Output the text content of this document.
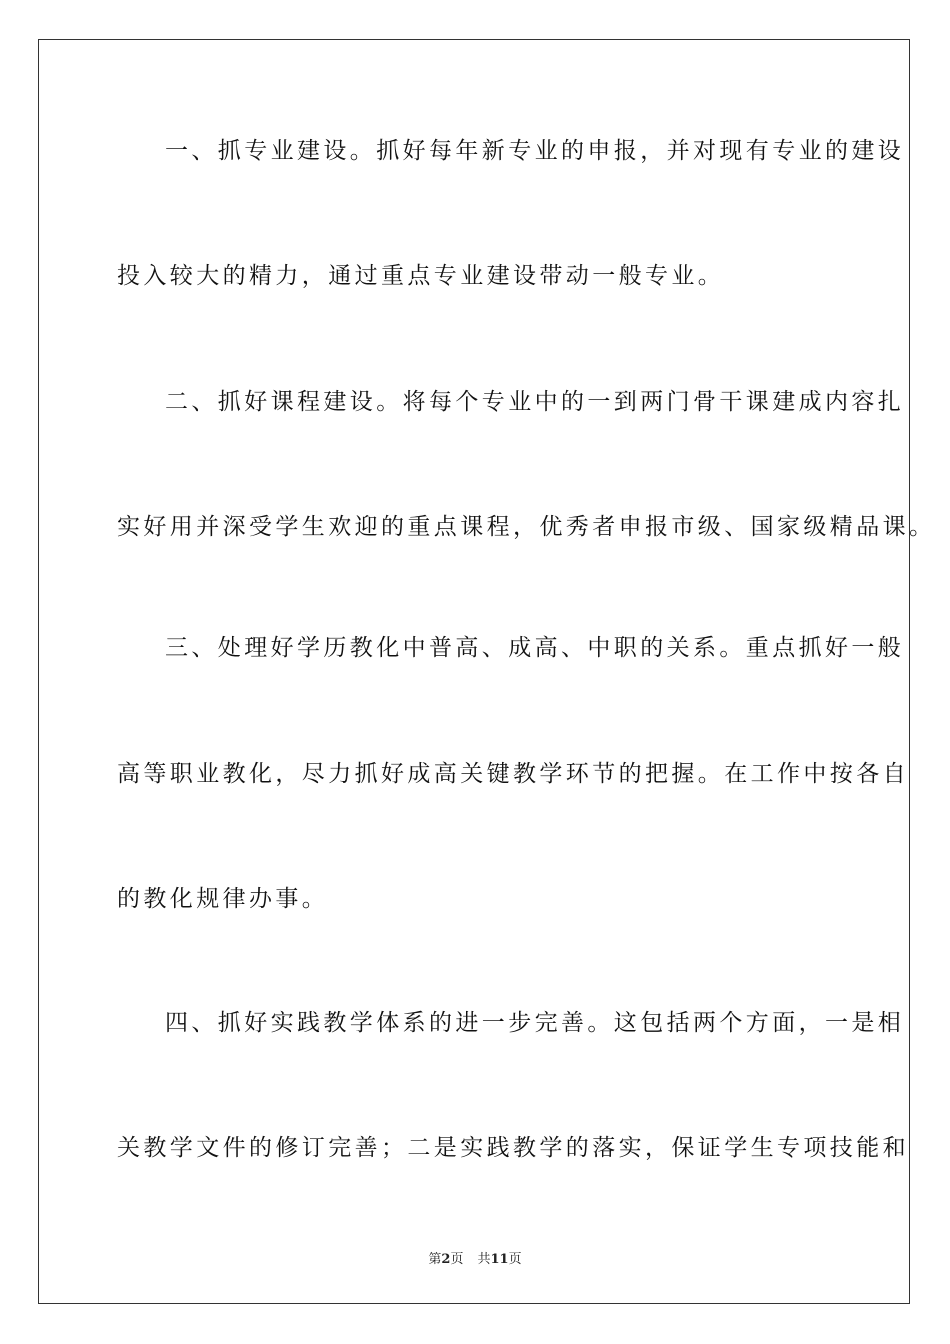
一、抓专业建设。抓好每年新专业的申报，并对现有专业的建设
投入较大的精力，通过重点专业建设带动一般专业。
二、抓好课程建设。将每个专业中的一到两门骨干课建成内容扎
实好用并深受学生欢迎的重点课程，优秀者申报市级、国家级精品课。
三、处理好学历教化中普高、成高、中职的关系。重点抓好一般
高等职业教化，尽力抓好成高关键教学环节的把握。在工作中按各自
的教化规律办事。
四、抓好实践教学体系的进一步完善。这包括两个方面，一是相
关教学文件的修订完善；二是实践教学的落实，保证学生专项技能和
第2页 共11页
